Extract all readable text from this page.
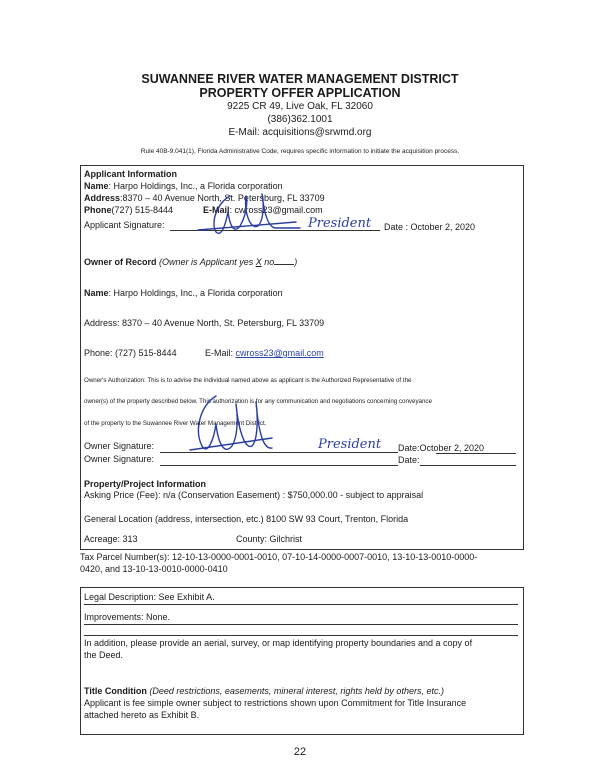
SUWANNEE RIVER WATER MANAGEMENT DISTRICT
PROPERTY OFFER APPLICATION
9225 CR 49, Live Oak, FL 32060
(386)362.1001
E-Mail: acquisitions@srwmd.org
Rule 40B-9.041(1), Florida Administrative Code, requires specific information to initiate the acquisition process.
Applicant Information
Name: Harpo Holdings, Inc., a Florida corporation
Address:8370 – 40 Avenue North, St. Petersburg, FL 33709
Phone(727) 515-8444	E-Mail: cwross23@gmail.com
Applicant Signature:	President Date : October 2, 2020
Owner of Record (Owner is Applicant yes X no )
Name: Harpo Holdings, Inc., a Florida corporation
Address: 8370 – 40 Avenue North, St. Petersburg, FL 33709
Phone: (727) 515-8444	E-Mail: cwross23@gmail.com
Owner's Authorization: This is to advise the individual named above as applicant is the Authorized Representative of the
owner(s) of the property described below. This authorization is for any communication and negotiations concerning conveyance
of the property to the Suwannee River Water Management District.
Owner Signature:	President Date:October 2, 2020
Owner Signature:	Date:
Property/Project Information
Asking Price (Fee): n/a (Conservation Easement) : $750,000.00 - subject to appraisal
General Location (address, intersection, etc.) 8100 SW 93 Court, Trenton, Florida
Acreage: 313	County: Gilchrist
Tax Parcel Number(s): 12-10-13-0000-0001-0010, 07-10-14-0000-0007-0010, 13-10-13-0010-0000-
0420, and 13-10-13-0010-0000-0410
Legal Description: See Exhibit A.
Improvements: None.
In addition, please provide an aerial, survey, or map identifying property boundaries and a copy of
the Deed.
Title Condition (Deed restrictions, easements, mineral interest, rights held by others, etc.)
Applicant is fee simple owner subject to restrictions shown upon Commitment for Title Insurance
attached hereto as Exhibit B.
22
